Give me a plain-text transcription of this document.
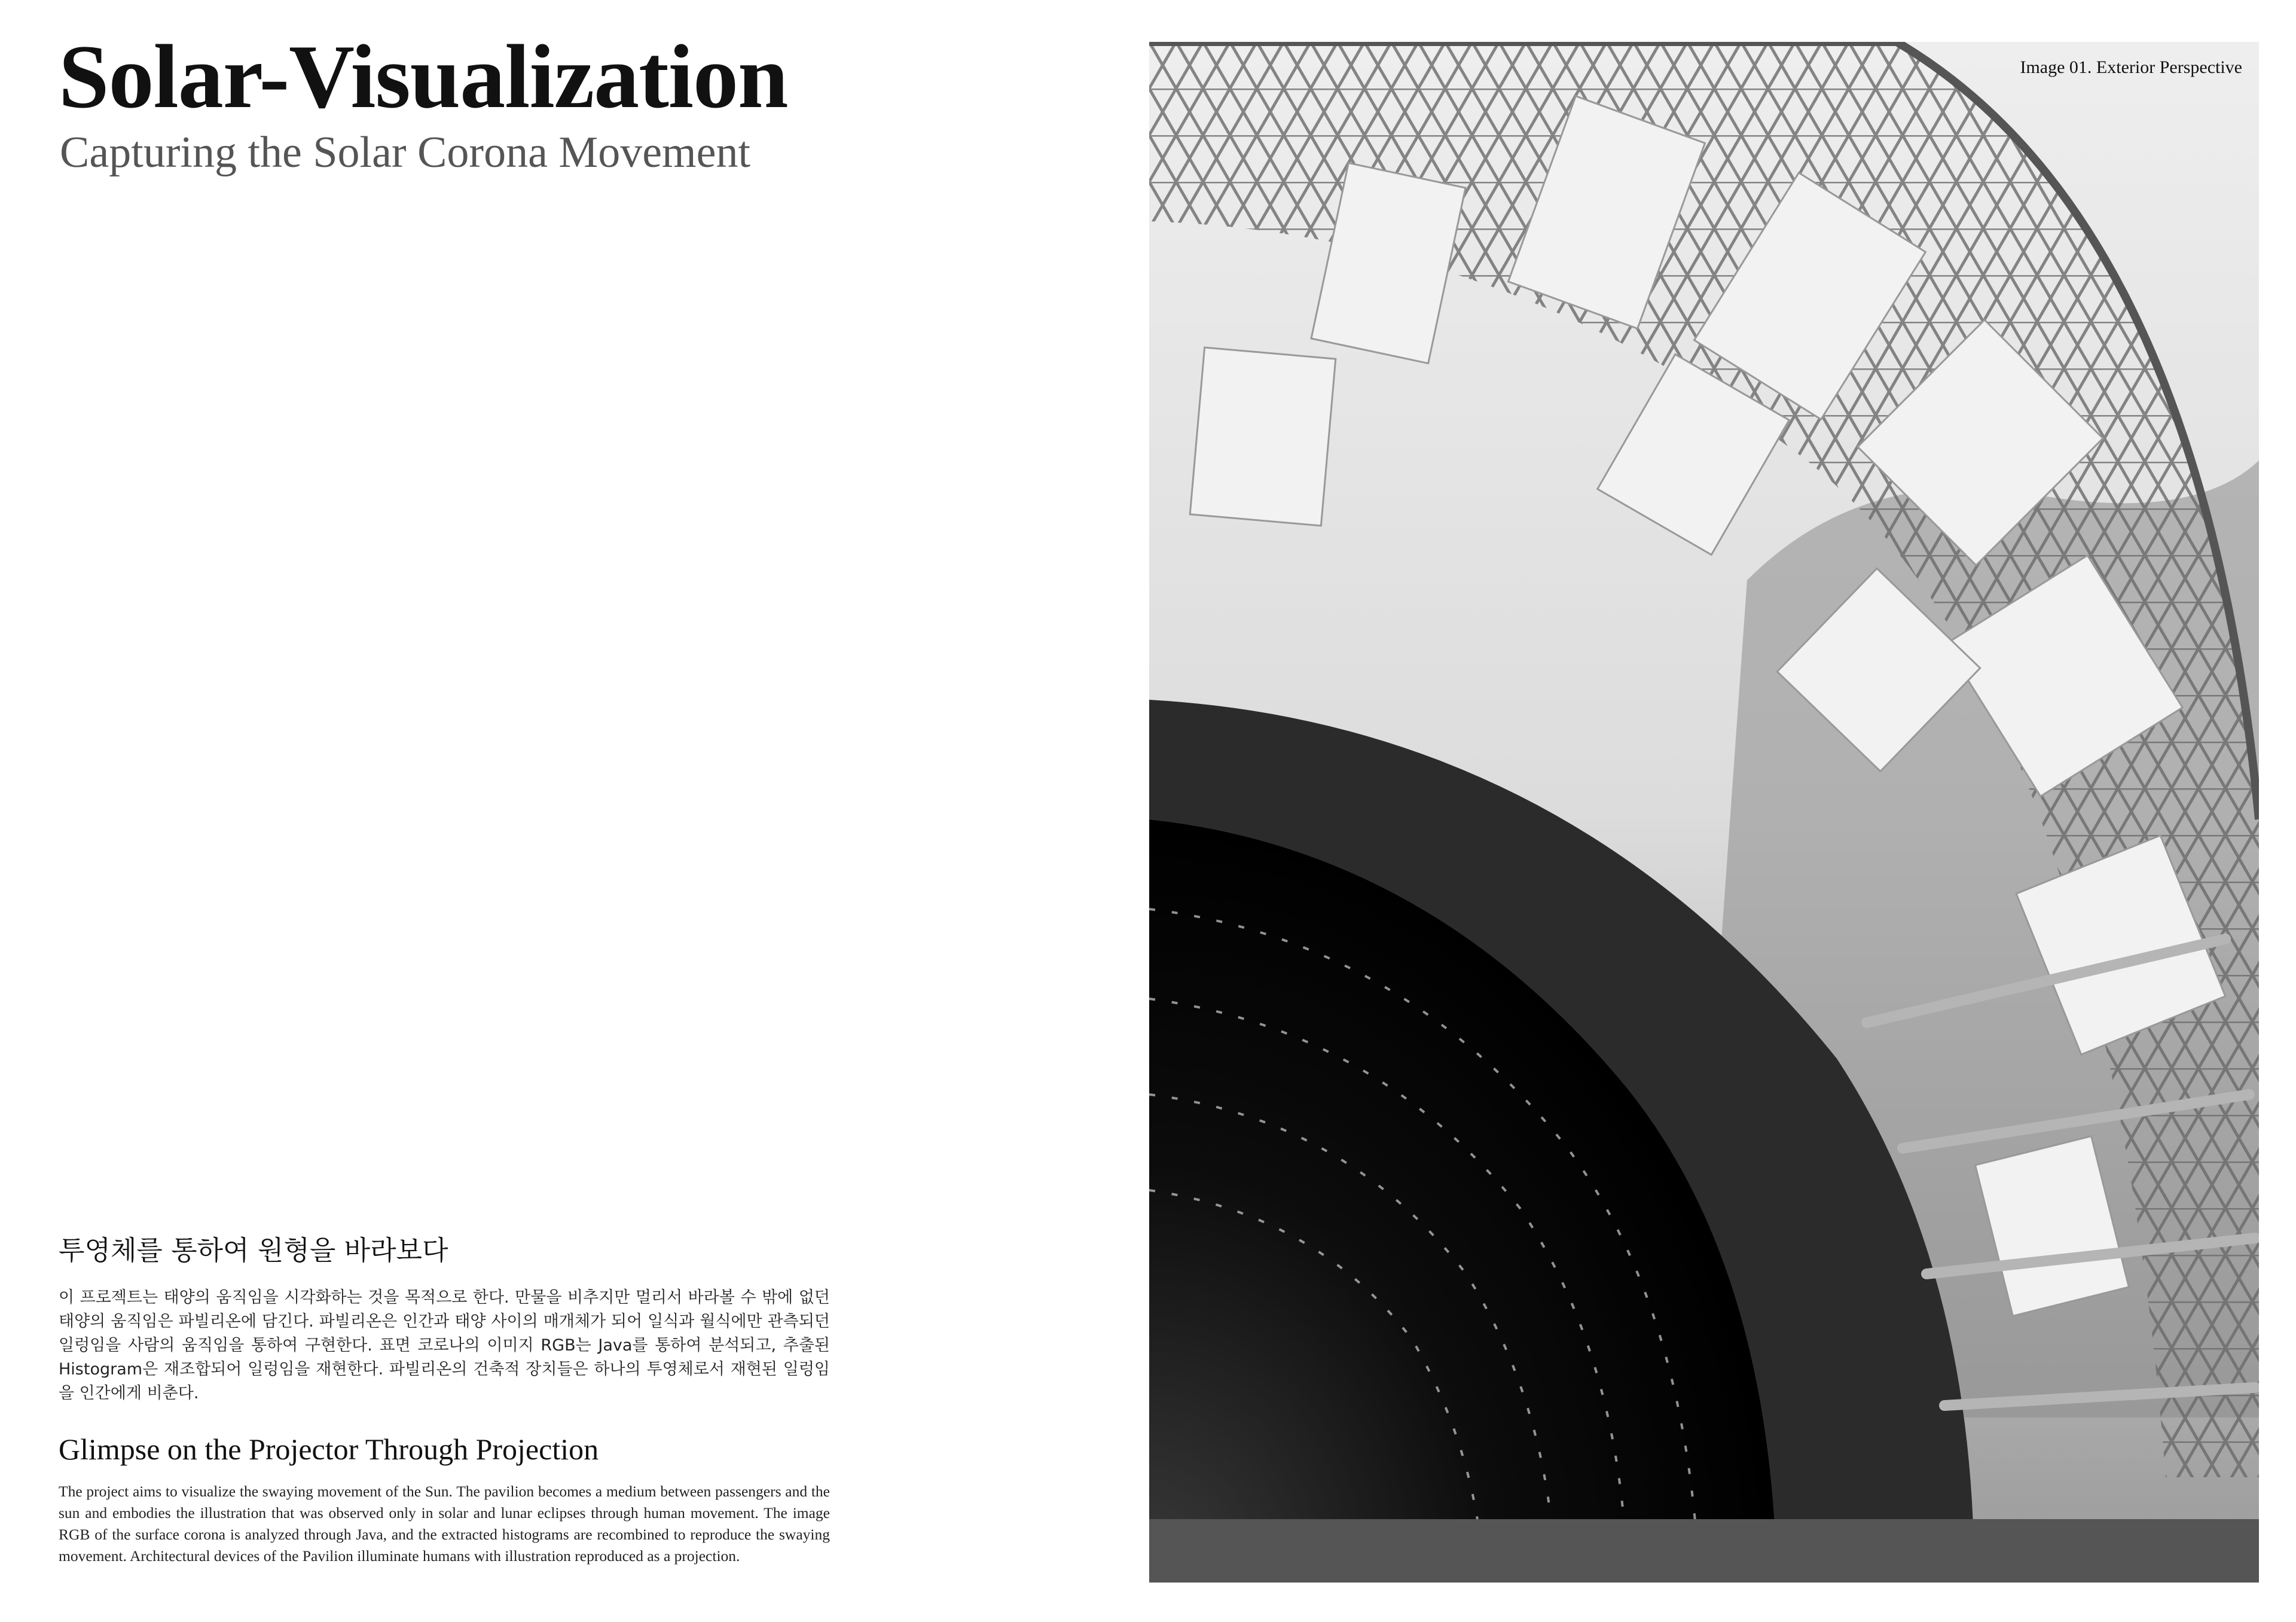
Solar-Visualization
Capturing the Solar Corona Movement
투영체를 통하여 원형을 바라보다

이 프로젝트는 태양의 움직임을 시각화하는 것을 목적으로 한다. 만물을 비추지만 멀리서 바라볼 수 밖에 없던 태양의 움직임은 파빌리온에 담긴다. 파빌리온은 인간과 태양 사이의 매개체가 되어 일식과 월식에만 관측되던 일렁임을 사람의 움직임을 통하여 구현한다. 표면 코로나의 이미지 RGB는 Java를 통하여 분석되고, 추출된 Histogram은 재조합되어 일렁임을 재현한다. 파빌리온의 건축적 장치들은 하나의 투영체로서 재현된 일렁임을 인간에게 비춘다.

Glimpse on the Projector Through Projection

The project aims to visualize the swaying movement of the Sun. The pavilion becomes a medium between passengers and the sun and embodies the illustration that was observed only in solar and lunar eclipses through human movement. The image RGB of the surface corona is analyzed through Java, and the extracted histograms are recombined to reproduce the swaying movement. Architectural devices of the Pavilion illuminate humans with illustration reproduced as a projection.

Image 01. Exterior Perspective
